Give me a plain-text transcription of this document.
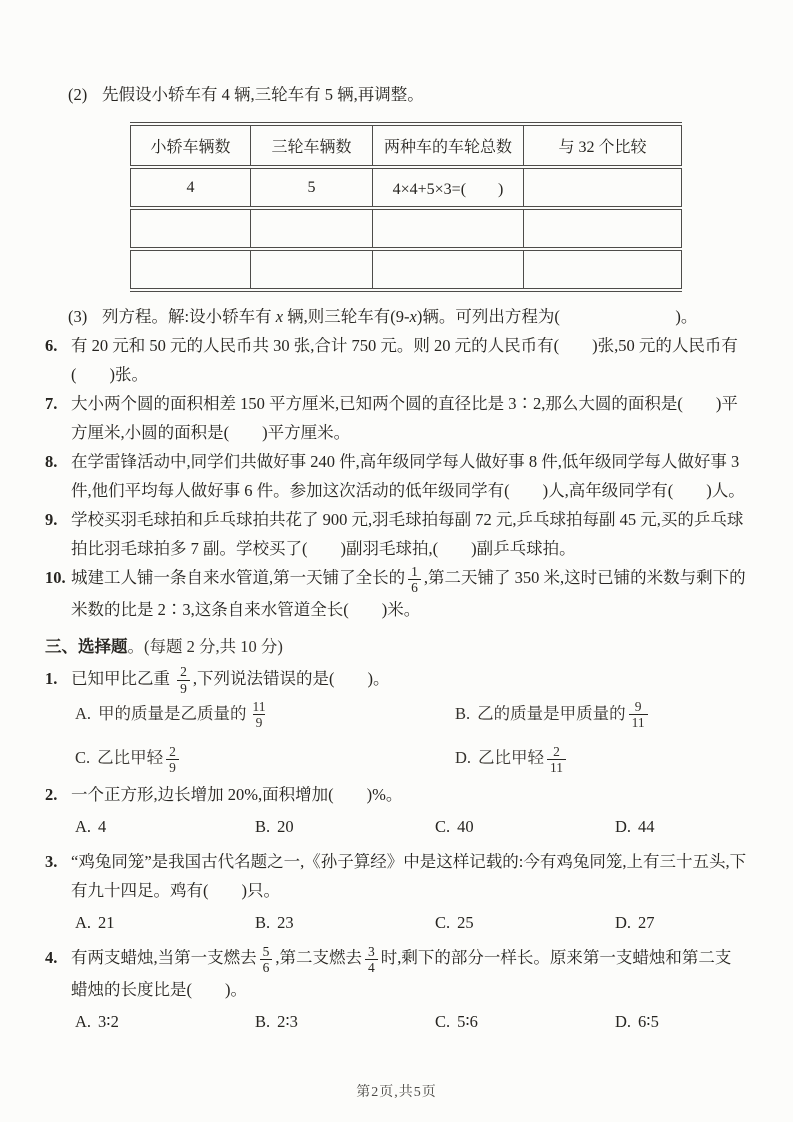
(2) 先假设小轿车有 4 辆,三轮车有 5 辆,再调整。
小轿车辆数	三轮车辆数	两种车的车轮总数	与 32 个比较
4	5	4×4+5×3=(　　)	

(3) 列方程。解:设小轿车有 x 辆,则三轮车有(9-x)辆。可列出方程为(　　　　　　　)。
6. 有 20 元和 50 元的人民币共 30 张,合计 750 元。则 20 元的人民币有(　　)张,50 元的人民币有(　　)张。
7. 大小两个圆的面积相差 150 平方厘米,已知两个圆的直径比是 3∶2,那么大圆的面积是(　　)平方厘米,小圆的面积是(　　)平方厘米。
8. 在学雷锋活动中,同学们共做好事 240 件,高年级同学每人做好事 8 件,低年级同学每人做好事 3 件,他们平均每人做好事 6 件。参加这次活动的低年级同学有(　　)人,高年级同学有(　　)人。
9. 学校买羽毛球拍和乒乓球拍共花了 900 元,羽毛球拍每副 72 元,乒乓球拍每副 45 元,买的乒乓球拍比羽毛球拍多 7 副。学校买了(　　)副羽毛球拍,(　　)副乒乓球拍。
10. 城建工人铺一条自来水管道,第一天铺了全长的 $\frac{1}{6}$ ,第二天铺了 350 米,这时已铺的米数与剩下的米数的比是 2∶3,这条自来水管道全长(　　)米。
三、选择题。(每题 2 分,共 10 分)
1. 已知甲比乙重 $\frac{2}{9}$ ,下列说法错误的是(　　)。
A. 甲的质量是乙质量的 $\frac{11}{9}$	B. 乙的质量是甲质量的 $\frac{9}{11}$
C. 乙比甲轻 $\frac{2}{9}$	D. 乙比甲轻 $\frac{2}{11}$
2. 一个正方形,边长增加 20%,面积增加(　　)%。
A. 4	B. 20	C. 40	D. 44
3. “鸡兔同笼”是我国古代名题之一,《孙子算经》中是这样记载的:今有鸡兔同笼,上有三十五头,下有九十四足。鸡有(　　)只。
A. 21	B. 23	C. 25	D. 27
4. 有两支蜡烛,当第一支燃去 $\frac{5}{6}$ ,第二支燃去 $\frac{3}{4}$ 时,剩下的部分一样长。原来第一支蜡烛和第二支蜡烛的长度比是(　　)。
A. 3∶2	B. 2∶3	C. 5∶6	D. 6∶5
第2页,共5页
